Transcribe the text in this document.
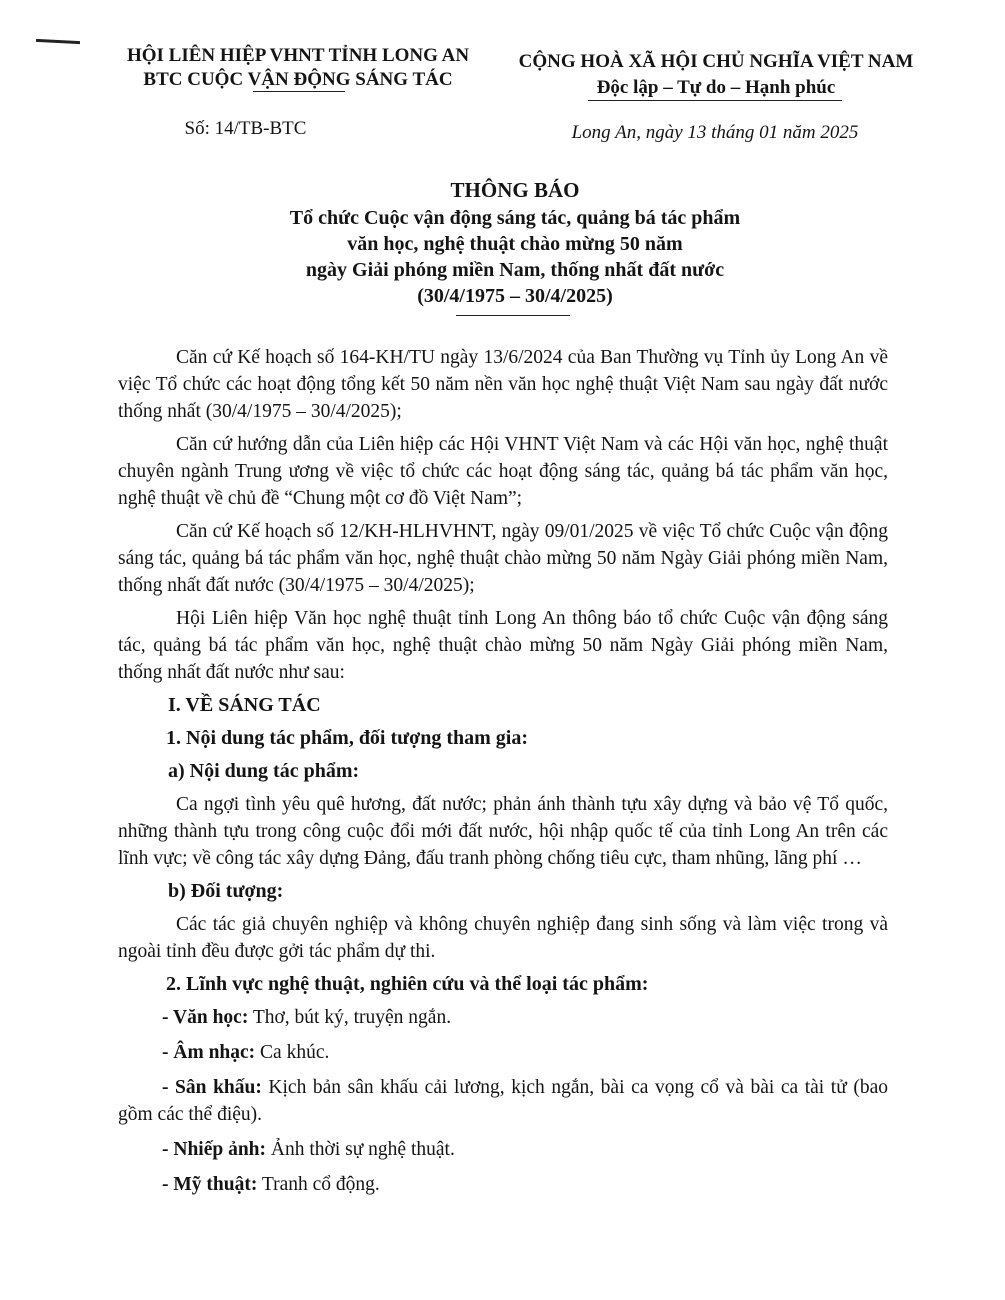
HỘI LIÊN HIỆP VHNT TỈNH LONG AN
BTC CUỘC VẬN ĐỘNG SÁNG TÁC
CỘNG HOÀ XÃ HỘI CHỦ NGHĨA VIỆT NAM
Độc lập – Tự do – Hạnh phúc
Số: 14/TB-BTC	Long An, ngày 13 tháng 01 năm 2025
THÔNG BÁO
Tổ chức Cuộc vận động sáng tác, quảng bá tác phẩm
văn học, nghệ thuật chào mừng 50 năm
ngày Giải phóng miền Nam, thống nhất đất nước
(30/4/1975 – 30/4/2025)

Căn cứ Kế hoạch số 164-KH/TU ngày 13/6/2024 của Ban Thường vụ Tỉnh ủy Long An về việc Tổ chức các hoạt động tổng kết 50 năm nền văn học nghệ thuật Việt Nam sau ngày đất nước thống nhất (30/4/1975 – 30/4/2025);

Căn cứ hướng dẫn của Liên hiệp các Hội VHNT Việt Nam và các Hội văn học, nghệ thuật chuyên ngành Trung ương về việc tổ chức các hoạt động sáng tác, quảng bá tác phẩm văn học, nghệ thuật về chủ đề “Chung một cơ đồ Việt Nam”;

Căn cứ Kế hoạch số 12/KH-HLHVHNT, ngày 09/01/2025 về việc Tổ chức Cuộc vận động sáng tác, quảng bá tác phẩm văn học, nghệ thuật chào mừng 50 năm Ngày Giải phóng miền Nam, thống nhất đất nước (30/4/1975 – 30/4/2025);

Hội Liên hiệp Văn học nghệ thuật tỉnh Long An thông báo tổ chức Cuộc vận động sáng tác, quảng bá tác phẩm văn học, nghệ thuật chào mừng 50 năm Ngày Giải phóng miền Nam, thống nhất đất nước như sau:

I. VỀ SÁNG TÁC
1. Nội dung tác phẩm, đối tượng tham gia:
a) Nội dung tác phẩm:

Ca ngợi tình yêu quê hương, đất nước; phản ánh thành tựu xây dựng và bảo vệ Tổ quốc, những thành tựu trong công cuộc đổi mới đất nước, hội nhập quốc tế của tỉnh Long An trên các lĩnh vực; về công tác xây dựng Đảng, đấu tranh phòng chống tiêu cực, tham nhũng, lãng phí …

b) Đối tượng:

Các tác giả chuyên nghiệp và không chuyên nghiệp đang sinh sống và làm việc trong và ngoài tỉnh đều được gởi tác phẩm dự thi.

2. Lĩnh vực nghệ thuật, nghiên cứu và thể loại tác phẩm:
- Văn học: Thơ, bút ký, truyện ngắn.
- Âm nhạc: Ca khúc.
- Sân khấu: Kịch bản sân khấu cải lương, kịch ngắn, bài ca vọng cổ và bài ca tài tử (bao gồm các thể điệu).
- Nhiếp ảnh: Ảnh thời sự nghệ thuật.
- Mỹ thuật: Tranh cổ động.
